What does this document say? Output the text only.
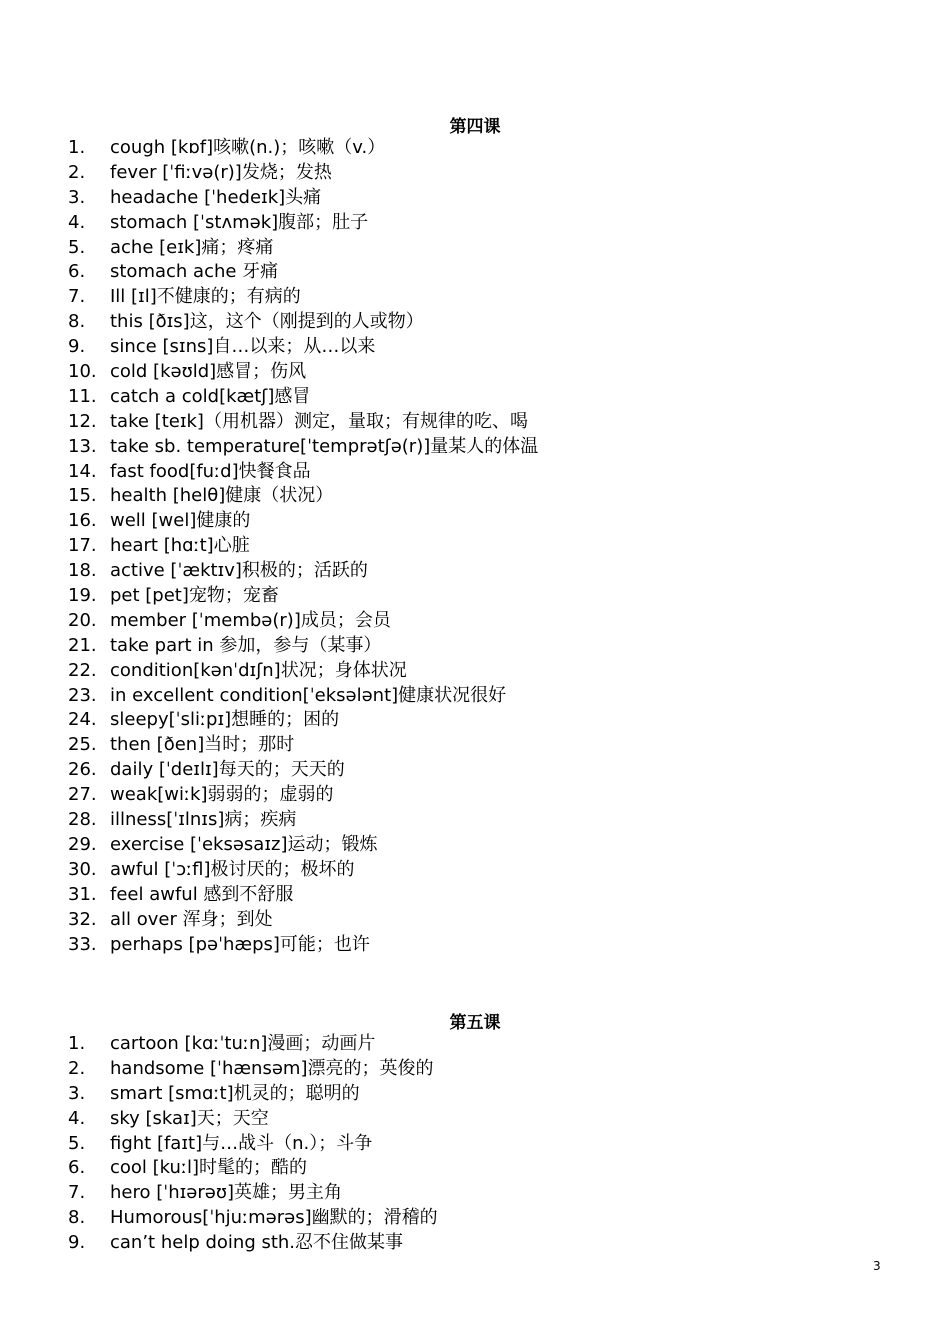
第四课
1. cough [kɒf]咳嗽(n.)；咳嗽（v.）
2. fever [ˈfiːvə(r)]发烧；发热
3. headache [ˈhedeɪk]头痛
4. stomach [ˈstʌmək]腹部；肚子
5. ache [eɪk]痛；疼痛
6. stomach ache 牙痛
7. Ill [ɪl]不健康的；有病的
8. this [ðɪs]这，这个（刚提到的人或物）
9. since [sɪns]自…以来；从…以来
10. cold [kəʊld]感冒；伤风
11. catch a cold[kætʃ]感冒
12. take [teɪk]（用机器）测定，量取；有规律的吃、喝
13. take sb. temperature[ˈtemprətʃə(r)]量某人的体温
14. fast food[fuːd]快餐食品
15. health [helθ]健康（状况）
16. well [wel]健康的
17. heart [hɑːt]心脏
18. active [ˈæktɪv]积极的；活跃的
19. pet [pet]宠物；宠畜
20. member [ˈmembə(r)]成员；会员
21. take part in 参加，参与（某事）
22. condition[kənˈdɪʃn]状况；身体状况
23. in excellent condition[ˈeksələnt]健康状况很好
24. sleepy[ˈsliːpɪ]想睡的；困的
25. then [ðen]当时；那时
26. daily [ˈdeɪlɪ]每天的；天天的
27. weak[wiːk]弱弱的；虚弱的
28. illness[ˈɪlnɪs]病；疾病
29. exercise [ˈeksəsaɪz]运动；锻炼
30. awful [ˈɔːfl]极讨厌的；极坏的
31. feel awful 感到不舒服
32. all over 浑身；到处
33. perhaps [pəˈhæps]可能；也许
第五课
1. cartoon [kɑːˈtuːn]漫画；动画片
2. handsome [ˈhænsəm]漂亮的；英俊的
3. smart [smɑːt]机灵的；聪明的
4. sky [skaɪ]天；天空
5. fight [faɪt]与…战斗（n.）；斗争
6. cool [kuːl]时髦的；酷的
7. hero [ˈhɪərəʊ]英雄；男主角
8. Humorous[ˈhjuːmərəs]幽默的；滑稽的
9. can’t help doing sth.忍不住做某事
3
